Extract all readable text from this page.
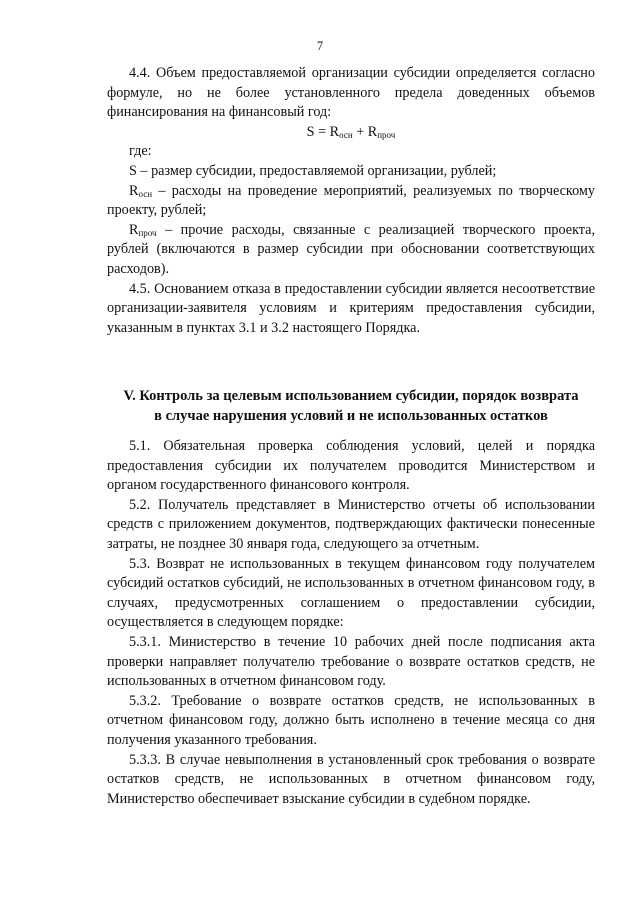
7

4.4. Объем предоставляемой организации субсидии определяется согласно формуле, но не более установленного предела доведенных объемов финансирования на финансовый год:

$S = R_{осн} + R_{проч}$

где:

S – размер субсидии, предоставляемой организации, рублей;

$R_{осн}$ – расходы на проведение мероприятий, реализуемых по творческому проекту, рублей;

$R_{проч}$ – прочие расходы, связанные с реализацией творческого проекта, рублей (включаются в размер субсидии при обосновании соответствующих расходов).

4.5. Основанием отказа в предоставлении субсидии является несоответствие организации-заявителя условиям и критериям предоставления субсидии, указанным в пунктах 3.1 и 3.2 настоящего Порядка.

V. Контроль за целевым использованием субсидии, порядок возврата
в случае нарушения условий и не использованных остатков

5.1. Обязательная проверка соблюдения условий, целей и порядка предоставления субсидии их получателем проводится Министерством и органом государственного финансового контроля.

5.2. Получатель представляет в Министерство отчеты об использовании средств с приложением документов, подтверждающих фактически понесенные затраты, не позднее 30 января года, следующего за отчетным.

5.3. Возврат не использованных в текущем финансовом году получателем субсидий остатков субсидий, не использованных в отчетном финансовом году, в случаях, предусмотренных соглашением о предоставлении субсидии, осуществляется в следующем порядке:

5.3.1. Министерство в течение 10 рабочих дней после подписания акта проверки направляет получателю требование о возврате остатков средств, не использованных в отчетном финансовом году.

5.3.2. Требование о возврате остатков средств, не использованных в отчетном финансовом году, должно быть исполнено в течение месяца со дня получения указанного требования.

5.3.3. В случае невыполнения в установленный срок требования о возврате остатков средств, не использованных в отчетном финансовом году, Министерство обеспечивает взыскание субсидии в судебном порядке.
